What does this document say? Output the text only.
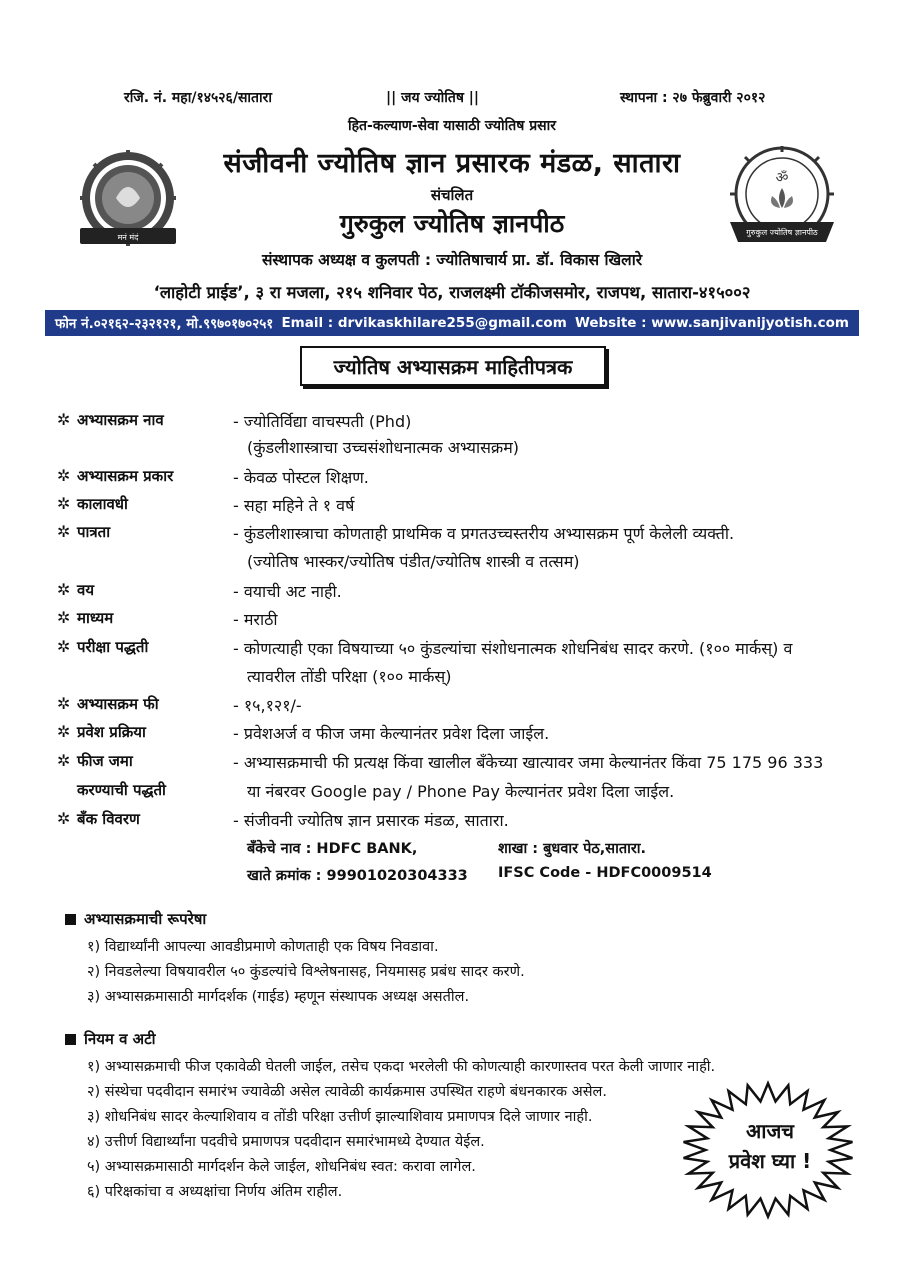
रजि. नं. महा/१४५२६/सातारा	|| जय ज्योतिष ||	स्थापना : २७ फेब्रुवारी २०१२
हित-कल्याण-सेवा यासाठी ज्योतिष प्रसार
मनं मंदं
ॐ
गुरुकुल ज्योतिष ज्ञानपीठ
संजीवनी ज्योतिष ज्ञान प्रसारक मंडळ, सातारा
संचलित
गुरुकुल ज्योतिष ज्ञानपीठ
संस्थापक अध्यक्ष व कुलपती : ज्योतिषाचार्य प्रा. डॉ. विकास खिलारे
‘लाहोटी प्राईड’, ३ रा मजला, २१५ शनिवार पेठ, राजलक्ष्मी टॉकीजसमोर, राजपथ, सातारा-४१५००२
फोन नं.०२१६२-२३२१२१, मो.९९७०१७०२५१ Email : drvikaskhilare255@gmail.com Website : www.sanjivanijyotish.com
ज्योतिष अभ्यासक्रम माहितीपत्रक
✲ अभ्यासक्रम नाव	- ज्योतिर्विद्या वाचस्पती (Phd)
(कुंडलीशास्त्राचा उच्चसंशोधनात्मक अभ्यासक्रम)
✲ अभ्यासक्रम प्रकार	- केवळ पोस्टल शिक्षण.
✲ कालावधी	- सहा महिने ते १ वर्ष
✲ पात्रता	- कुंडलीशास्त्राचा कोणताही प्राथमिक व प्रगतउच्चस्तरीय अभ्यासक्रम पूर्ण केलेली व्यक्ती.
(ज्योतिष भास्कर/ज्योतिष पंडीत/ज्योतिष शास्त्री व तत्सम)
✲ वय	- वयाची अट नाही.
✲ माध्यम	- मराठी
✲ परीक्षा पद्धती	- कोणत्याही एका विषयाच्या ५० कुंडल्यांचा संशोधनात्मक शोधनिबंध सादर करणे. (१०० मार्कस्) व
त्यावरील तोंडी परिक्षा (१०० मार्कस्)
✲ अभ्यासक्रम फी	- १५,१२१/-
✲ प्रवेश प्रक्रिया	- प्रवेशअर्ज व फीज जमा केल्यानंतर प्रवेश दिला जाईल.
✲ फीज जमा
करण्याची पद्धती
- अभ्यासक्रमाची फी प्रत्यक्ष किंवा खालील बँकेच्या खात्यावर जमा केल्यानंतर किंवा 75 175 96 333
या नंबरवर Google pay / Phone Pay केल्यानंतर प्रवेश दिला जाईल.
✲ बँक विवरण	- संजीवनी ज्योतिष ज्ञान प्रसारक मंडळ, सातारा.
बँकेचे नाव : HDFC BANK,	शाखा : बुधवार पेठ,सातारा.
खाते क्रमांक : 99901020304333 IFSC Code - HDFC0009514
अभ्यासक्रमाची रूपरेषा
१) विद्यार्थ्यांनी आपल्या आवडीप्रमाणे कोणताही एक विषय निवडावा.
२) निवडलेल्या विषयावरील ५० कुंडल्यांचे विश्लेषनासह, नियमासह प्रबंध सादर करणे.
३) अभ्यासक्रमासाठी मार्गदर्शक (गाईड) म्हणून संस्थापक अध्यक्ष असतील.
नियम व अटी
१) अभ्यासक्रमाची फीज एकावेळी घेतली जाईल, तसेच एकदा भरलेली फी कोणत्याही कारणास्तव परत केली जाणार नाही.
२) संस्थेचा पदवीदान समारंभ ज्यावेळी असेल त्यावेळी कार्यक्रमास उपस्थित राहणे बंधनकारक असेल.
३) शोधनिबंध सादर केल्याशिवाय व तोंडी परिक्षा उत्तीर्ण झाल्याशिवाय प्रमाणपत्र दिले जाणार नाही.
४) उत्तीर्ण विद्यार्थ्यांना पदवीचे प्रमाणपत्र पदवीदान समारंभामध्ये देण्यात येईल.
५) अभ्यासक्रमासाठी मार्गदर्शन केले जाईल, शोधनिबंध स्वत: करावा लागेल.
६) परिक्षकांचा व अध्यक्षांचा निर्णय अंतिम राहील.
आजच
प्रवेश घ्या !
